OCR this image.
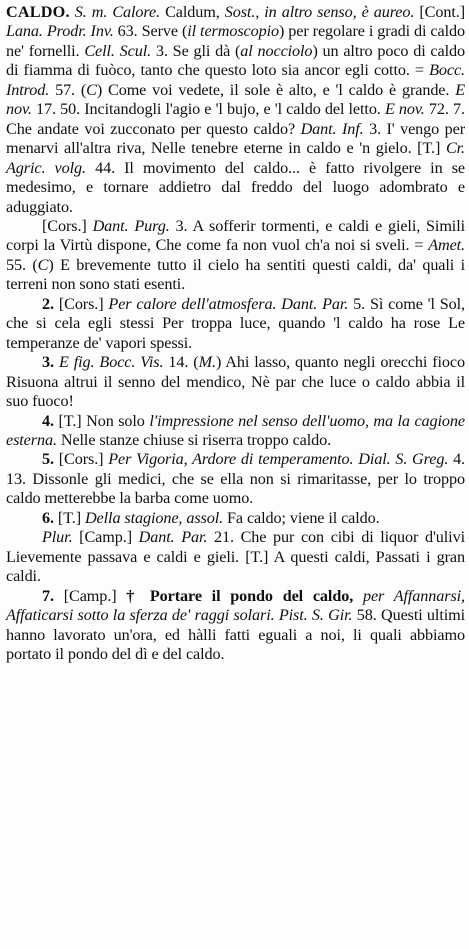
CALDO. S. m. Calore. Caldum, Sost., in altro senso, è aureo. [Cont.] Lana. Prodr. Inv. 63. Serve (il termoscopio) per regolare i gradi di caldo ne' fornelli. Cell. Scul. 3. Se gli dà (al nocciolo) un altro poco di caldo di fiamma di fuòco, tanto che questo loto sia ancor egli cotto. = Bocc. Introd. 57. (C) Come voi vedete, il sole è alto, e 'l caldo è grande. E nov. 17. 50. Incitandogli l'agio e 'l bujo, e 'l caldo del letto. E nov. 72. 7. Che andate voi zucconato per questo caldo? Dant. Inf. 3. I' vengo per menarvi all'altra riva, Nelle tenebre eterne in caldo e 'n gielo. [T.] Cr. Agric. volg. 44. Il movimento del caldo... è fatto rivolgere in se medesimo, e tornare addietro dal freddo del luogo adombrato e aduggiato.

[Cors.] Dant. Purg. 3. A sofferir tormenti, e caldi e gieli, Simili corpi la Virtù dispone, Che come fa non vuol ch'a noi si sveli. = Amet. 55. (C) E brevemente tutto il cielo ha sentiti questi caldi, da' quali i terreni non sono stati esenti.

2. [Cors.] Per calore dell'atmosfera. Dant. Par. 5. Sì come 'l Sol, che si cela egli stessi Per troppa luce, quando 'l caldo ha rose Le temperanze de' vapori spessi.

3. E fig. Bocc. Vis. 14. (M.) Ahi lasso, quanto negli orecchi fioco Risuona altrui il senno del mendico, Nè par che luce o caldo abbia il suo fuoco!

4. [T.] Non solo l'impressione nel senso dell'uomo, ma la cagione esterna. Nelle stanze chiuse si riserra troppo caldo.

5. [Cors.] Per Vigoria, Ardore di temperamento. Dial. S. Greg. 4. 13. Dissonle gli medici, che se ella non si rimaritasse, per lo troppo caldo metterebbe la barba come uomo.

6. [T.] Della stagione, assol. Fa caldo; viene il caldo.

Plur. [Camp.] Dant. Par. 21. Che pur con cibi di liquor d'ulivi Lievemente passava e caldi e gieli. [T.] A questi caldi, Passati i gran caldi.

7. [Camp.] † Portare il pondo del caldo, per Affannarsi, Affaticarsi sotto la sferza de' raggi solari. Pist. S. Gir. 58. Questi ultimi hanno lavorato un'ora, ed hàlli fatti eguali a noi, li quali abbiamo portato il pondo del dì e del caldo.
